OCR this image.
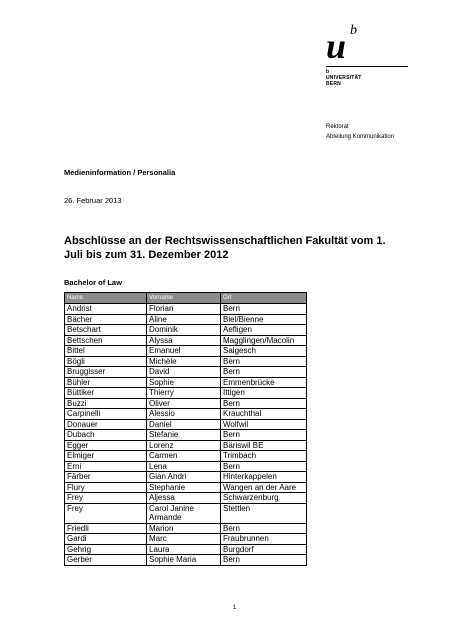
u b
b
UNIVERSITÄT
BERN
Rektorat
Abteilung Kommunikation
Medieninformation / Personalia
26. Februar 2013
Abschlüsse an der Rechtswissenschaftlichen Fakultät vom 1. Juli bis zum 31. Dezember 2012
Bachelor of Law
Name	Vorname	Ort
Andrist	Florian	Bern
Bächer	Aline	Biel/Bienne
Betschart	Dominik	Aefligen
Bettschen	Alyssa	Magglingen/Macolin
Bittel	Emanuel	Salgesch
Bögli	Michèle	Bern
Bruggisser	David	Bern
Bühler	Sophie	Emmenbrücke
Büttiker	Thierry	Ittigen
Buzzi	Oliver	Bern
Carpinelli	Alessio	Krauchthal
Donauer	Daniel	Wolfwil
Dubach	Stefanie	Bern
Egger	Lorenz	Bäriswil BE
Elmiger	Carmen	Trimbach
Erni	Lena	Bern
Färber	Gian Andri	Hinterkappelen
Flury	Stephanie	Wangen an der Aare
Frey	Aljessa	Schwarzenburg
Frey	Carol Janine Armande	Stettlen
Friedli	Marion	Bern
Gardi	Marc	Fraubrunnen
Gehrig	Laura	Burgdorf
Gerber	Sophie Maria	Bern
1
